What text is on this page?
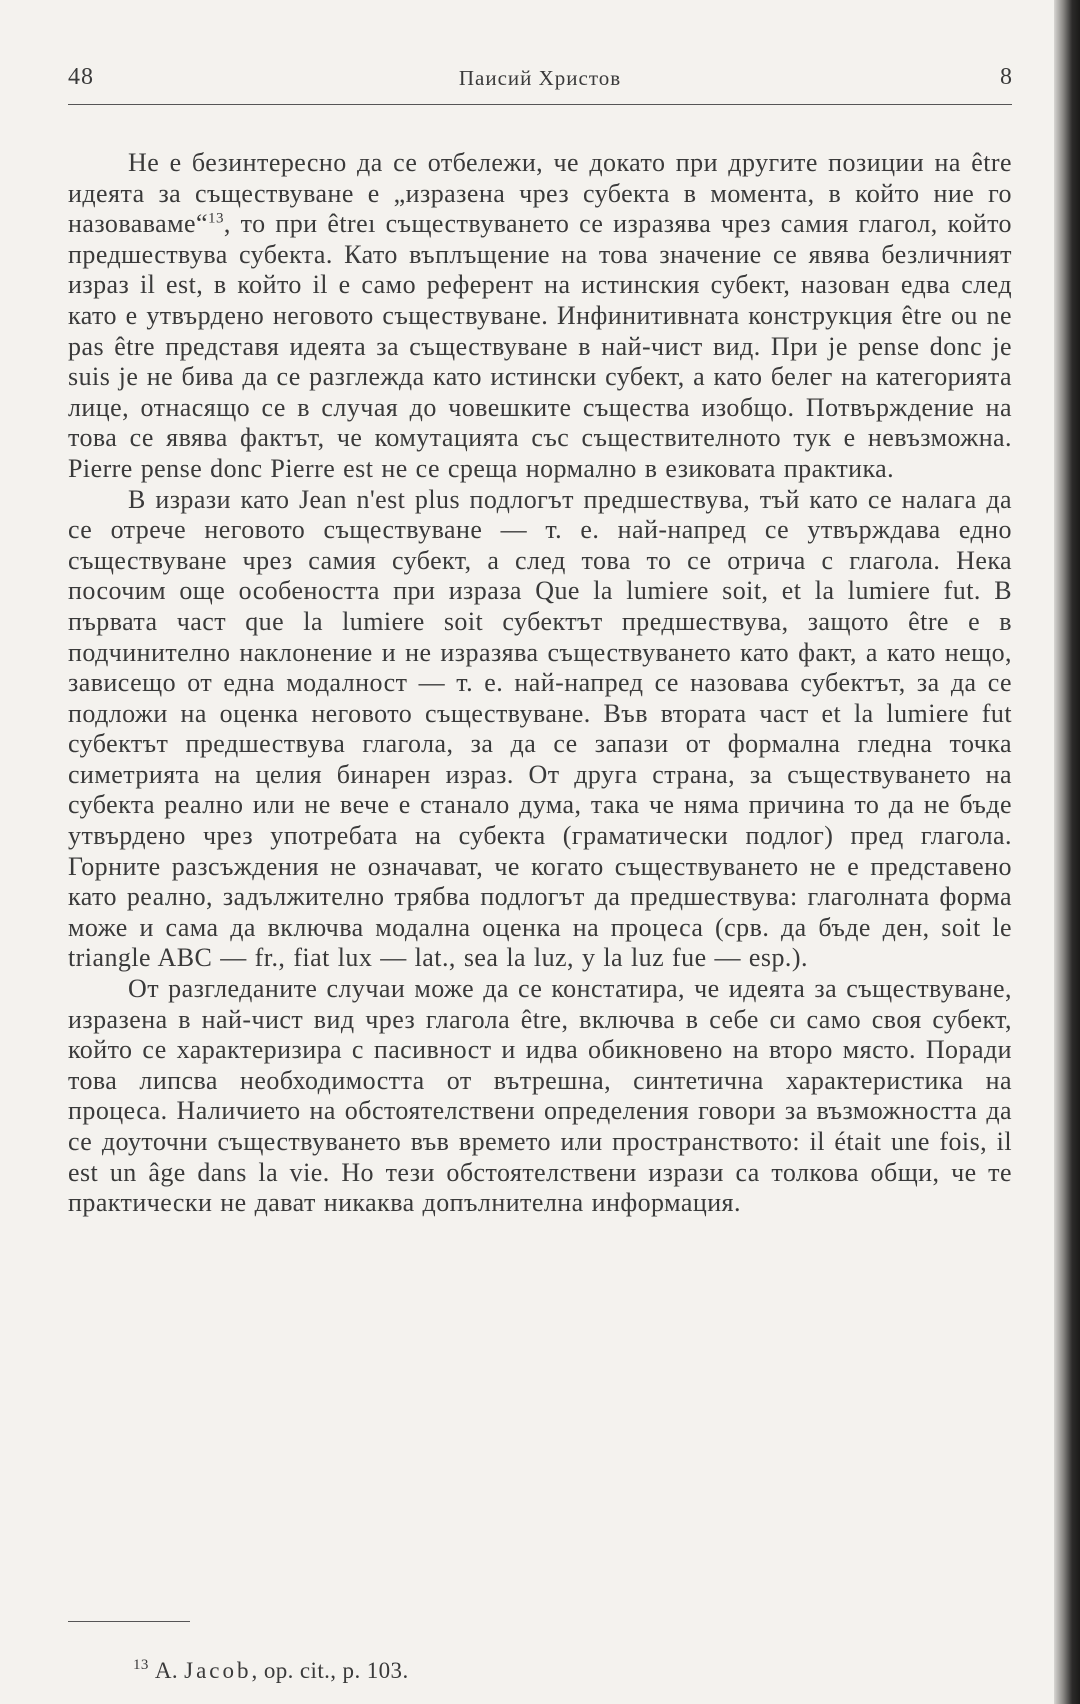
48	Паисий Христов	8

Не е безинтересно да се отбележи, че докато при другите позиции на être идеята за съществуване е „изразена чрез субекта в момента, в който ние го назоваваме“$^{13}$, то при êtreı съществуването се изразява чрез самия глагол, който предшествува субекта. Като въплъщение на това значение се явява безличният израз il est, в който il е само референт на истинския субект, назован едва след като е утвърдено неговото съществуване. Инфинитивната конструкция être ou ne pas être представя идеята за съществуване в най-чист вид. При je pense donc je suis je не бива да се разглежда като истински субект, а като белег на категорията лице, отнасящо се в случая до човешките същества изобщо. Потвърждение на това се явява фактът, че комутацията със съществителното тук е невъзможна. Pierre pense donc Pierre est не се среща нормално в езиковата практика.

В изрази като Jean n'est plus подлогът предшествува, тъй като се налага да се отрече неговото съществуване — т. е. най-напред се утвърждава едно съществуване чрез самия субект, а след това то се отрича с глагола. Нека посочим още особеността при израза Que la lumiere soit, et la lumiere fut. В първата част que la lumiere soit субектът предшествува, защото être е в подчинително наклонение и не изразява съществуването като факт, а като нещо, зависещо от една модалност — т. е. най-напред се назовава субектът, за да се подложи на оценка неговото съществуване. Във втората част et la lumiere fut субектът предшествува глагола, за да се запази от формална гледна точка симетрията на целия бинарен израз. От друга страна, за съществуването на субекта реално или не вече е станало дума, така че няма причина то да не бъде утвърдено чрез употребата на субекта (граматически подлог) пред глагола. Горните разсъждения не означават, че когато съществуването не е представено като реално, задължително трябва подлогът да предшествува: глаголната форма може и сама да включва модална оценка на процеса (срв. да бъде ден, soit le triangle ABC — fr., fiat lux — lat., sea la luz, y la luz fue — esp.).

От разгледаните случаи може да се констатира, че идеята за съществуване, изразена в най-чист вид чрез глагола être, включва в себе си само своя субект, който се характеризира с пасивност и идва обикновено на второ място. Поради това липсва необходимостта от вътрешна, синтетична характеристика на процеса. Наличието на обстоятелствени определения говори за възможността да се доуточни съществуването във времето или пространството: il était une fois, il est un âge dans la vie. Но тези обстоятелствени изрази са толкова общи, че те практически не дават никаква допълнителна информация.

$^{13}$ A. Jacob, op. cit., p. 103.
